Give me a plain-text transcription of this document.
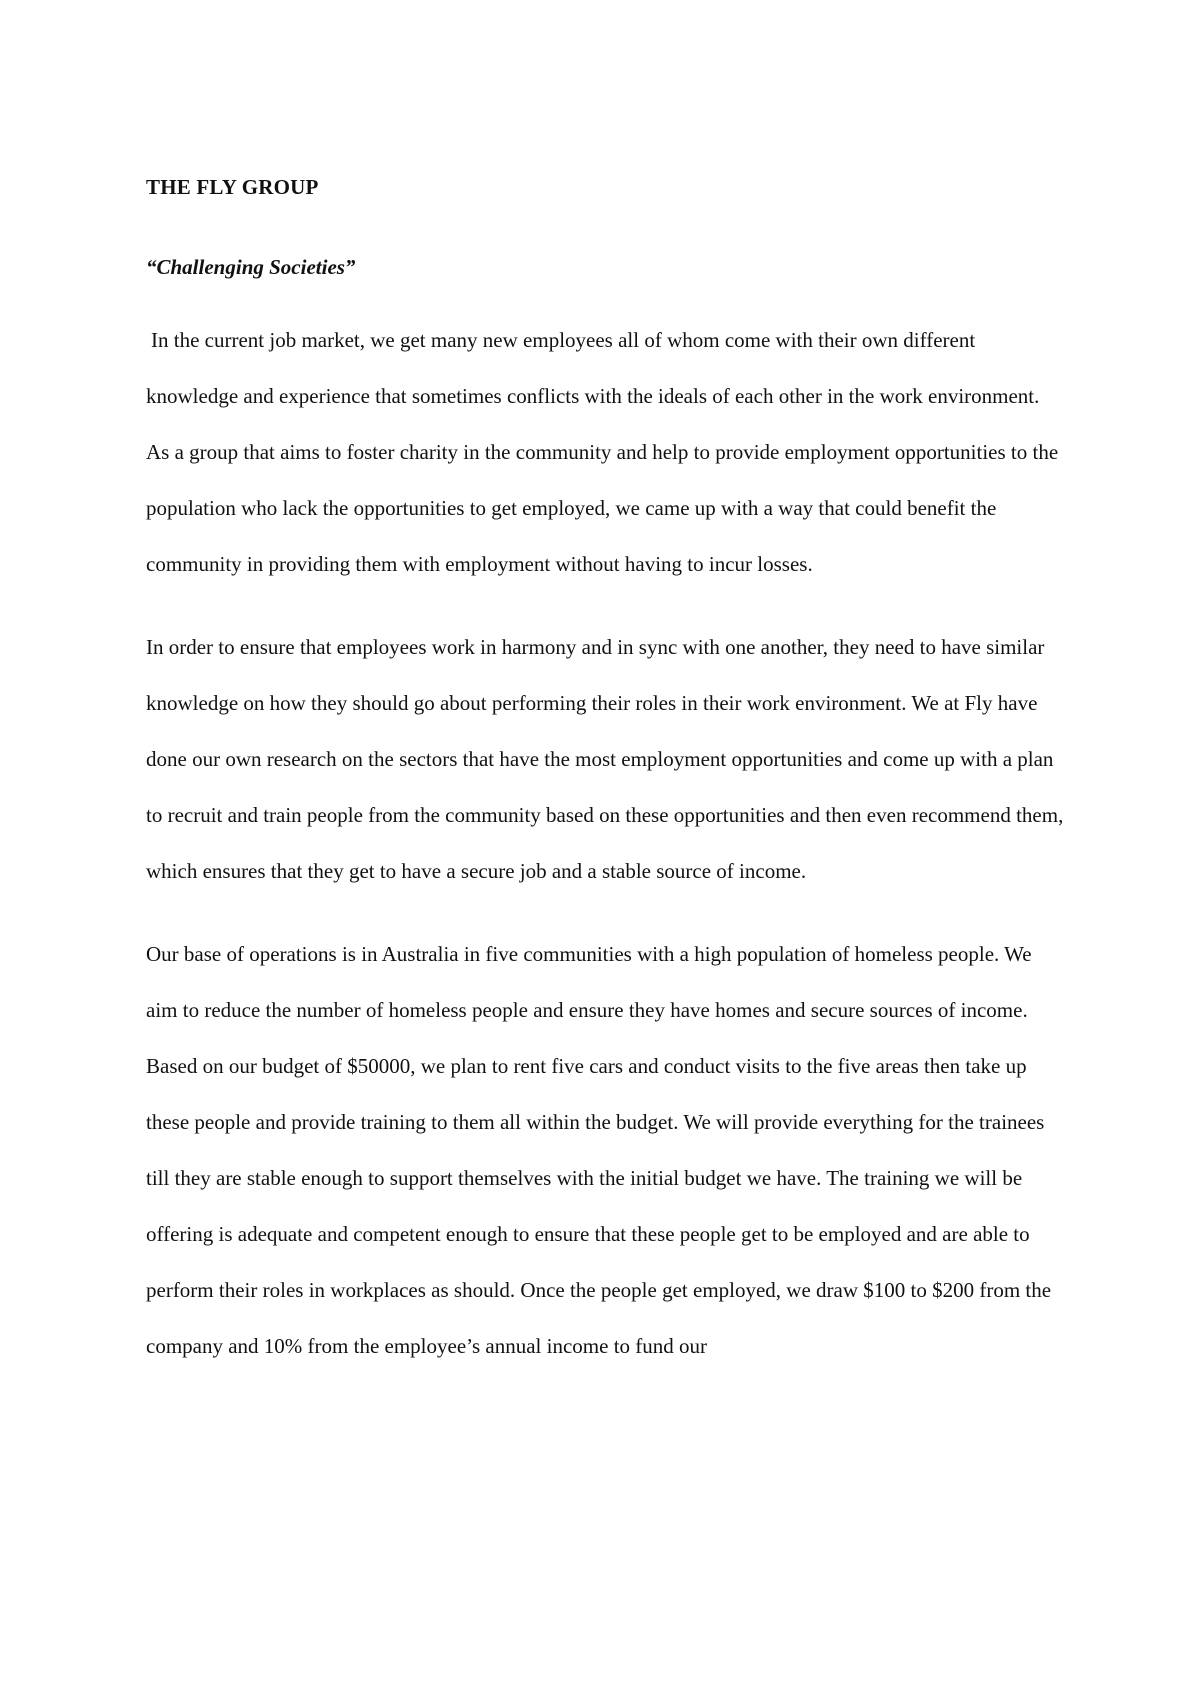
THE FLY GROUP
“Challenging Societies”

In the current job market, we get many new employees all of whom come with their own different knowledge and experience that sometimes conflicts with the ideals of each other in the work environment. As a group that aims to foster charity in the community and help to provide employment opportunities to the population who lack the opportunities to get employed, we came up with a way that could benefit the community in providing them with employment without having to incur losses.

In order to ensure that employees work in harmony and in sync with one another, they need to have similar knowledge on how they should go about performing their roles in their work environment. We at Fly have done our own research on the sectors that have the most employment opportunities and come up with a plan to recruit and train people from the community based on these opportunities and then even recommend them, which ensures that they get to have a secure job and a stable source of income.

Our base of operations is in Australia in five communities with a high population of homeless people. We aim to reduce the number of homeless people and ensure they have homes and secure sources of income. Based on our budget of $50000, we plan to rent five cars and conduct visits to the five areas then take up these people and provide training to them all within the budget. We will provide everything for the trainees till they are stable enough to support themselves with the initial budget we have. The training we will be offering is adequate and competent enough to ensure that these people get to be employed and are able to perform their roles in workplaces as should. Once the people get employed, we draw $100 to $200 from the company and 10% from the employee’s annual income to fund our
